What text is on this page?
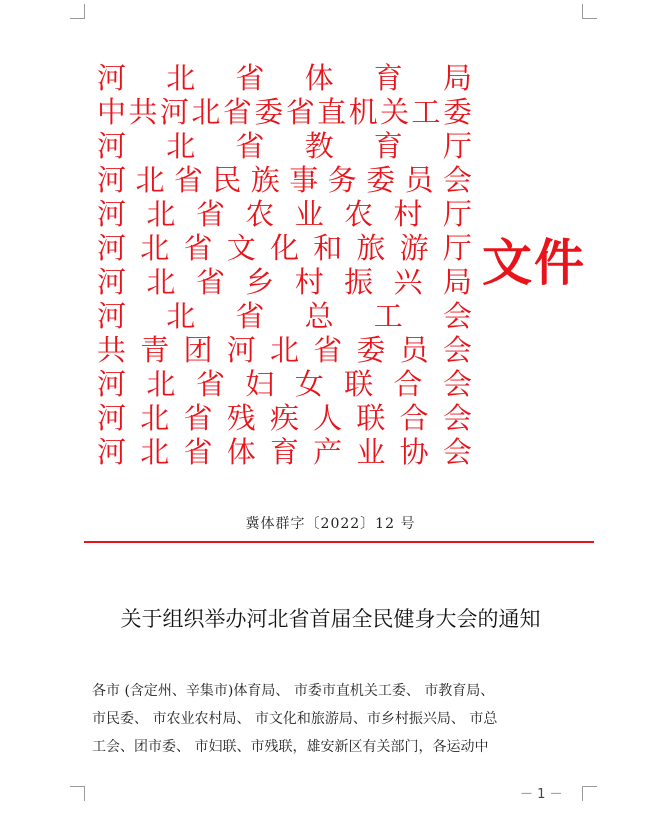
河 北 省 体 育 局
中 共 河 北 省 委 省 直 机 关 工 委
河 北 省 教 育 厅
河 北 省 民 族 事 务 委 员 会
河 北 省 农 业 农 村 厅
河 北 省 文 化 和 旅 游 厅
河 北 省 乡 村 振 兴 局
河 北 省 总 工 会
共 青 团 河 北 省 委 员 会
河 北 省 妇 女 联 合 会
河 北 省 残 疾 人 联 合 会
河 北 省 体 育 产 业 协 会
文件
冀体群字〔2022〕12 号
关于组织举办河北省首届全民健身大会的通知
各市 (含定州、辛集市)体育局、 市委市直机关工委、 市教育局、
市民委、 市农业农村局、 市文化和旅游局、市乡村振兴局、 市总
工会、团市委、 市妇联、市残联，雄安新区有关部门，各运动中
－ 1 －
